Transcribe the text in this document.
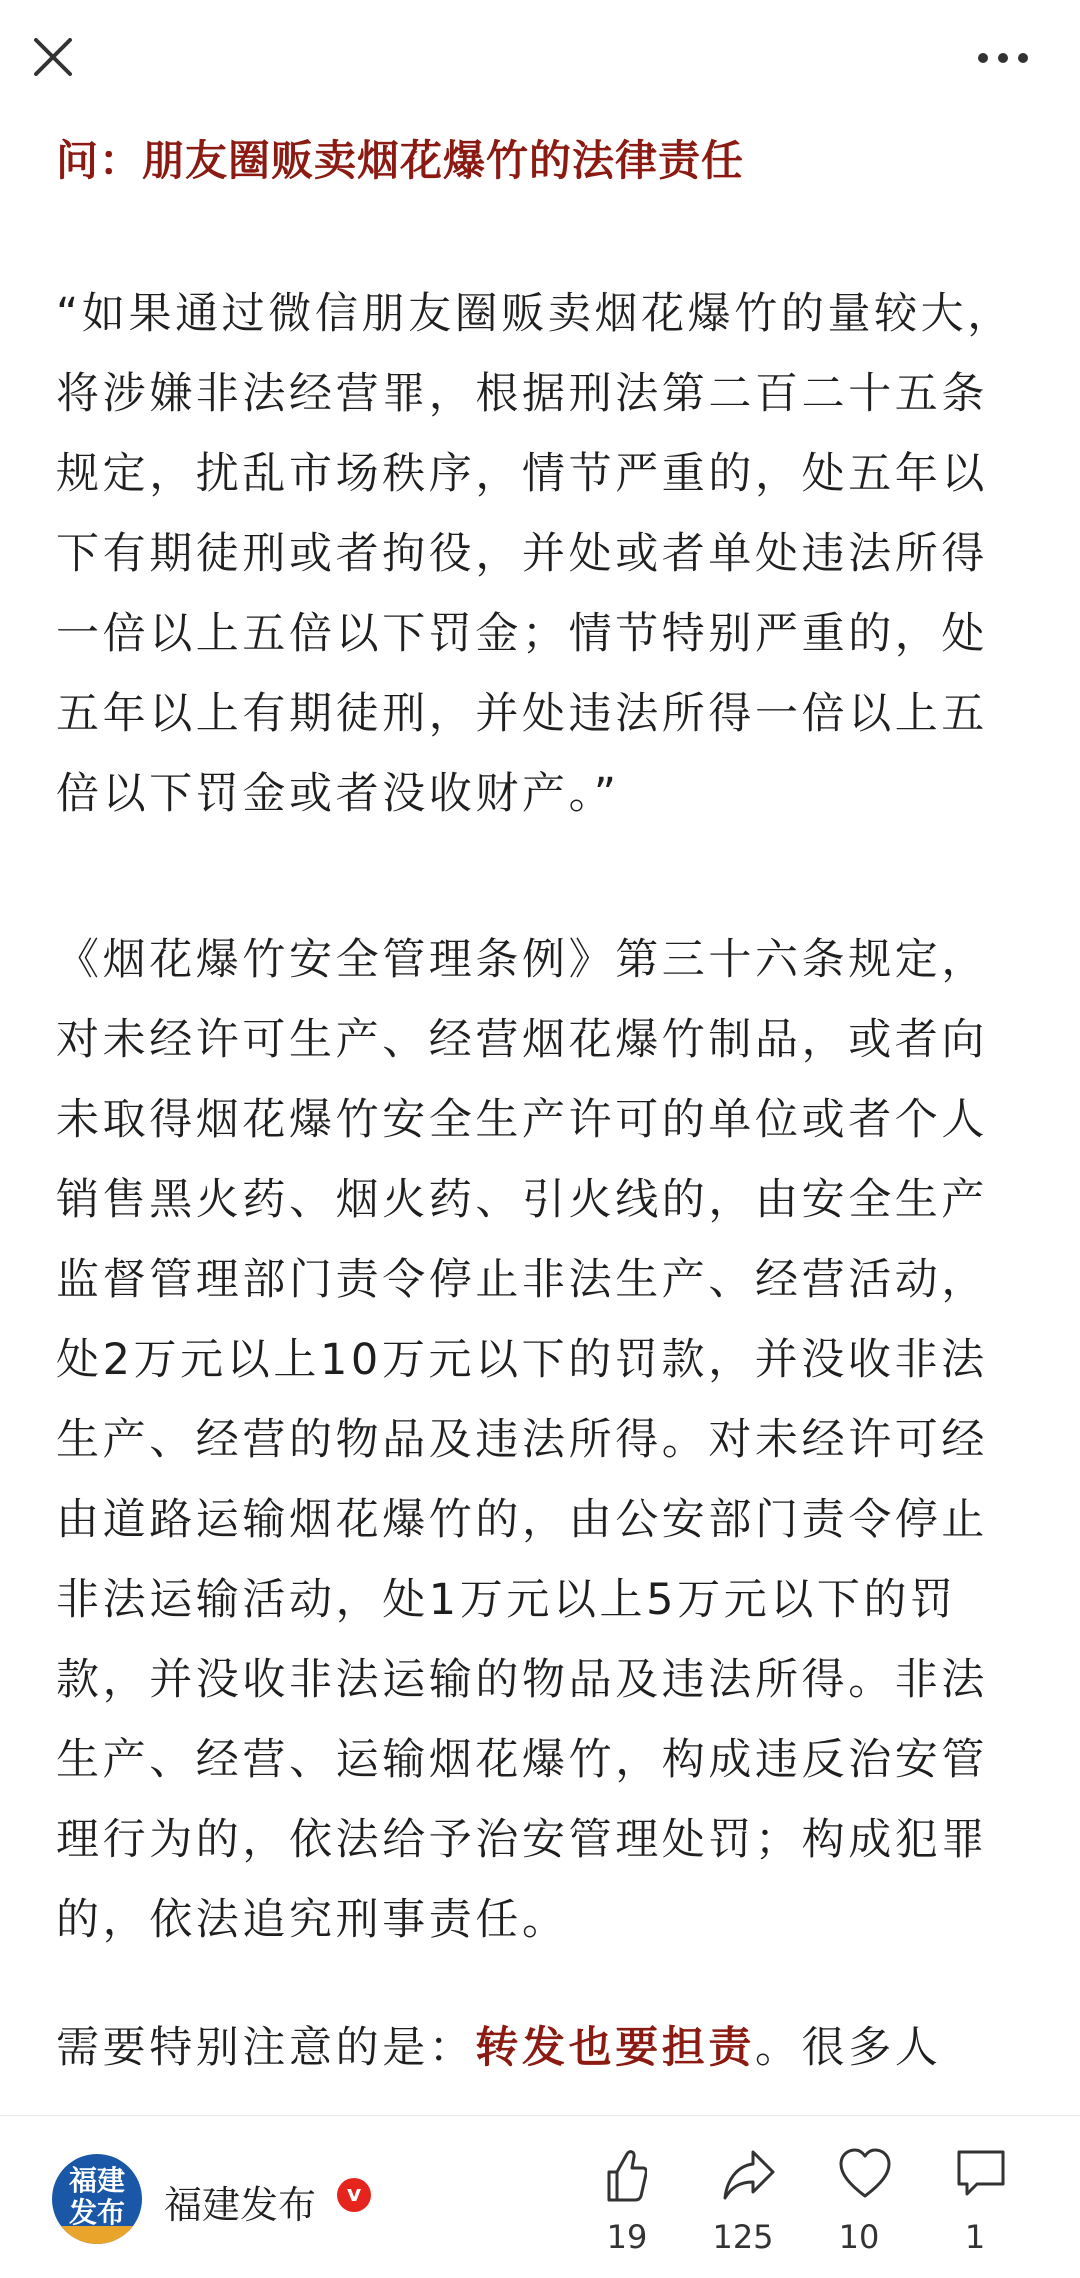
问：朋友圈贩卖烟花爆竹的法律责任

“如果通过微信朋友圈贩卖烟花爆竹的量较大，将涉嫌非法经营罪，根据刑法第二百二十五条规定，扰乱市场秩序，情节严重的，处五年以下有期徒刑或者拘役，并处或者单处违法所得一倍以上五倍以下罚金；情节特别严重的，处五年以上有期徒刑，并处违法所得一倍以上五倍以下罚金或者没收财产。”

《烟花爆竹安全管理条例》第三十六条规定，对未经许可生产、经营烟花爆竹制品，或者向未取得烟花爆竹安全生产许可的单位或者个人销售黑火药、烟火药、引火线的，由安全生产监督管理部门责令停止非法生产、经营活动，处2万元以上10万元以下的罚款，并没收非法生产、经营的物品及违法所得。对未经许可经由道路运输烟花爆竹的，由公安部门责令停止非法运输活动，处1万元以上5万元以下的罚款，并没收非法运输的物品及违法所得。非法生产、经营、运输烟花爆竹，构成违反治安管理行为的，依法给予治安管理处罚；构成犯罪的，依法追究刑事责任。

需要特别注意的是：转发也要担责。很多人

福建
发布	福建发布	v
19	125	10	1
